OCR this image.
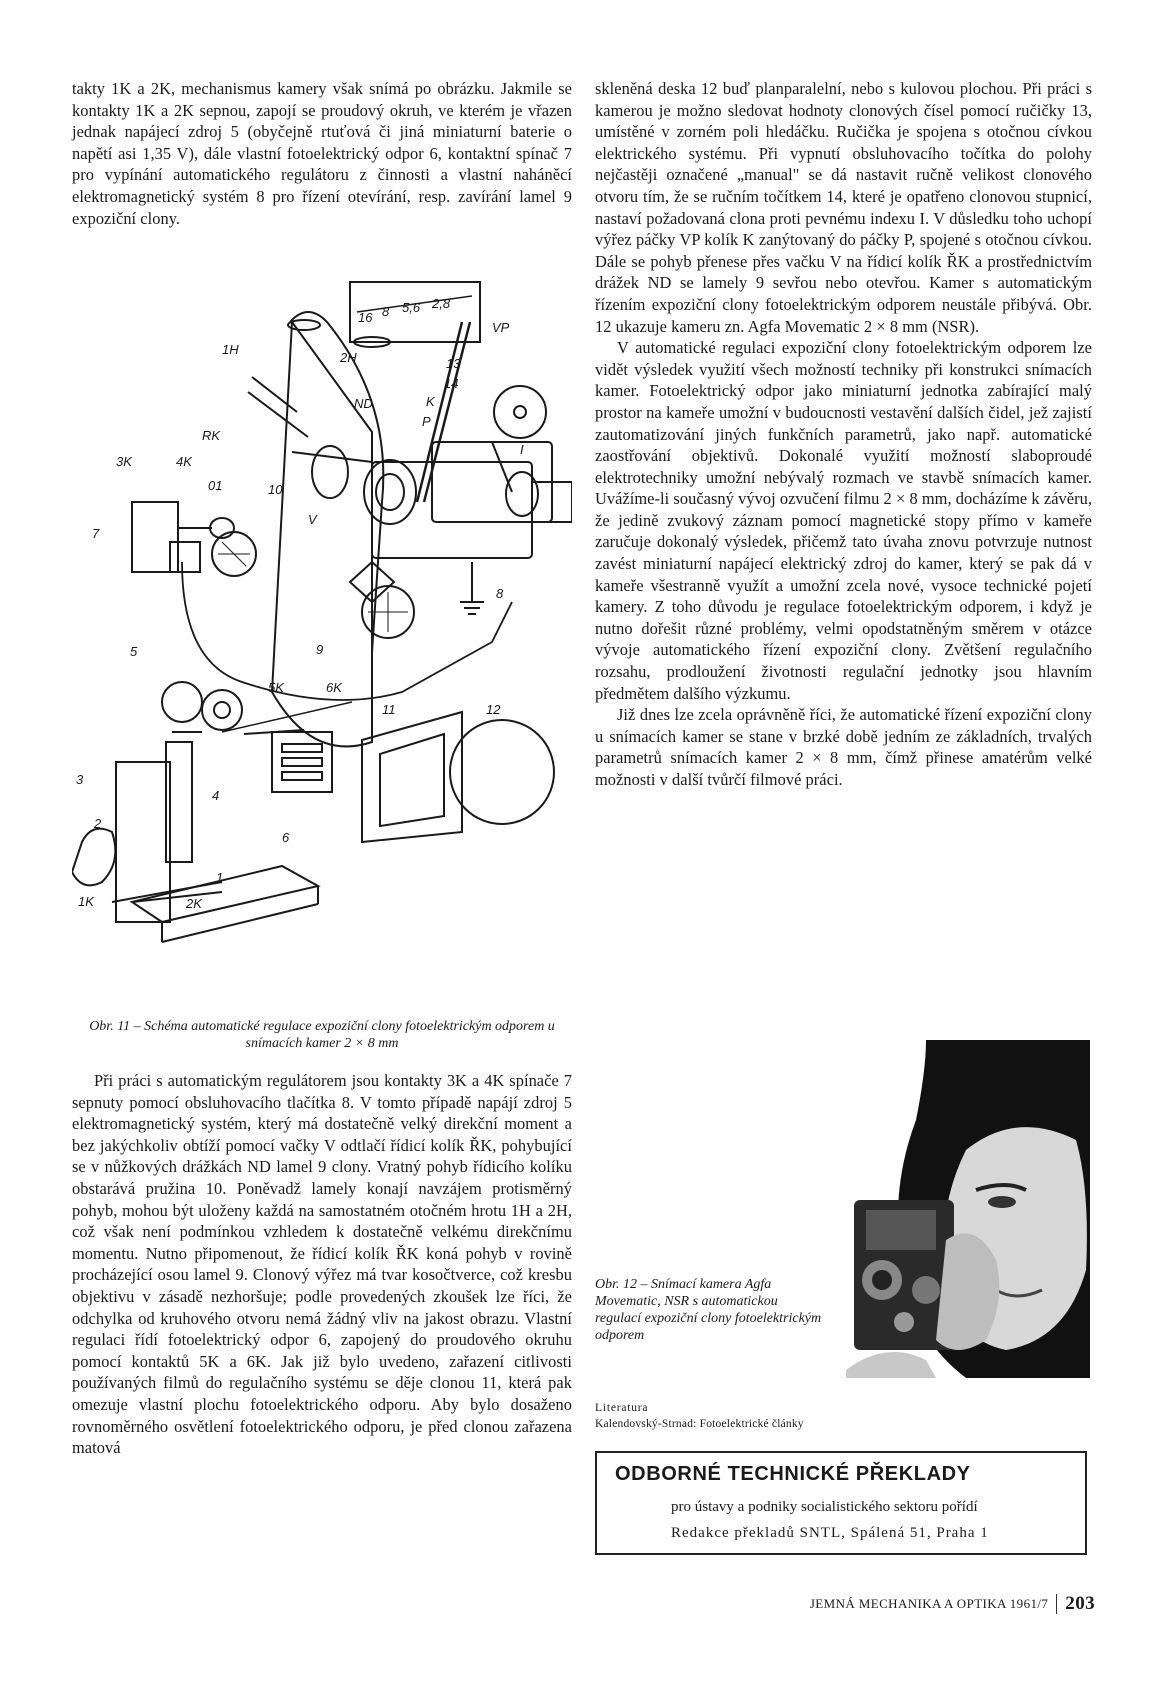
takty 1K a 2K, mechanismus kamery však snímá po obrázku. Jakmile se kontakty 1K a 2K sepnou, zapojí se proudový okruh, ve kterém je vřazen jednak napájecí zdroj 5 (obyčejně rtuťová či jiná miniaturní baterie o napětí asi 1,35 V), dále vlastní fotoelektrický odpor 6, kontaktní spínač 7 pro vypínání automatického regulátoru z činnosti a vlastní naháněcí elektromagnetický systém 8 pro řízení otevírání, resp. zavírání lamel 9 expoziční clony.

16 8 5,6 2,8
1H
2H
VP
13
14
ND	K
P
I
RK
3K	4K
01	10
V
7
8
9
5
5K	6K
11	12
3
4
2
6
1
1K	2K

Obr. 11 – Schéma automatické regulace expoziční clony fotoelektrickým odporem u snímacích kamer 2 × 8 mm

Při práci s automatickým regulátorem jsou kontakty 3K a 4K spínače 7 sepnuty pomocí obsluhovacího tlačítka 8. V tomto případě napájí zdroj 5 elektromagnetický systém, který má dostatečně velký direkční moment a bez jakýchkoliv obtíží pomocí vačky V odtlačí řídicí kolík ŘK, pohybující se v nůžkových drážkách ND lamel 9 clony. Vratný pohyb řídicího kolíku obstarává pružina 10. Poněvadž lamely konají navzájem protisměrný pohyb, mohou být uloženy každá na samostatném otočném hrotu 1H a 2H, což však není podmínkou vzhledem k dostatečně velkému direkčnímu momentu. Nutno připomenout, že řídicí kolík ŘK koná pohyb v rovině procházející osou lamel 9. Clonový výřez má tvar kosočtverce, což kresbu objektivu v zásadě nezhoršuje; podle provedených zkoušek lze říci, že odchylka od kruhového otvoru nemá žádný vliv na jakost obrazu. Vlastní regulaci řídí fotoelektrický odpor 6, zapojený do proudového okruhu pomocí kontaktů 5K a 6K. Jak již bylo uvedeno, zařazení citlivosti používaných filmů do regulačního systému se děje clonou 11, která pak omezuje vlastní plochu fotoelektrického odporu. Aby bylo dosaženo rovnoměrného osvětlení fotoelektrického odporu, je před clonou zařazena matová

skleněná deska 12 buď planparalelní, nebo s kulovou plochou. Při práci s kamerou je možno sledovat hodnoty clonových čísel pomocí ručičky 13, umístěné v zorném poli hledáčku. Ručička je spojena s otočnou cívkou elektrického systému. Při vypnutí obsluhovacího točítka do polohy nejčastěji označené „manual" se dá nastavit ručně velikost clonového otvoru tím, že se ručním točítkem 14, které je opatřeno clonovou stupnicí, nastaví požadovaná clona proti pevnému indexu I. V důsledku toho uchopí výřez páčky VP kolík K zanýtovaný do páčky P, spojené s otočnou cívkou. Dále se pohyb přenese přes vačku V na řídicí kolík ŘK a prostřednictvím drážek ND se lamely 9 sevřou nebo otevřou. Kamer s automatickým řízením expoziční clony fotoelektrickým odporem neustále přibývá. Obr. 12 ukazuje kameru zn. Agfa Movematic 2 × 8 mm (NSR).

V automatické regulaci expoziční clony fotoelektrickým odporem lze vidět výsledek využití všech možností techniky při konstrukci snímacích kamer. Fotoelektrický odpor jako miniaturní jednotka zabírající malý prostor na kameře umožní v budoucnosti vestavění dalších čidel, jež zajistí zautomatizování jiných funkčních parametrů, jako např. automatické zaostřování objektivů. Dokonalé využití možností slaboproudé elektrotechniky umožní nebývalý rozmach ve stavbě snímacích kamer. Uvážíme-li současný vývoj ozvučení filmu 2 × 8 mm, docházíme k závěru, že jedině zvukový záznam pomocí magnetické stopy přímo v kameře zaručuje dokonalý výsledek, přičemž tato úvaha znovu potvrzuje nutnost zavést miniaturní napájecí elektrický zdroj do kamer, který se pak dá v kameře všestranně využít a umožní zcela nové, vysoce technické pojetí kamery. Z toho důvodu je regulace fotoelektrickým odporem, i když je nutno dořešit různé problémy, velmi opodstatněným směrem v otázce vývoje automatického řízení expoziční clony. Zvětšení regulačního rozsahu, prodloužení životnosti regulační jednotky jsou hlavním předmětem dalšího výzkumu.

Již dnes lze zcela oprávněně říci, že automatické řízení expoziční clony u snímacích kamer se stane v brzké době jedním ze základních, trvalých parametrů snímacích kamer 2 × 8 mm, čímž přinese amatérům velké možnosti v další tvůrčí filmové práci.

Obr. 12 – Snímací kamera Agfa Movematic, NSR s automatickou regulací expoziční clony fotoelektrickým odporem

Literatura
Kalendovský-Strnad: Fotoelektrické články
ODBORNÉ TECHNICKÉ PŘEKLADY
pro ústavy a podniky socialistického sektoru pořídí
Redakce překladů SNTL, Spálená 51, Praha 1
JEMNÁ MECHANIKA A OPTIKA 1961/7 203
